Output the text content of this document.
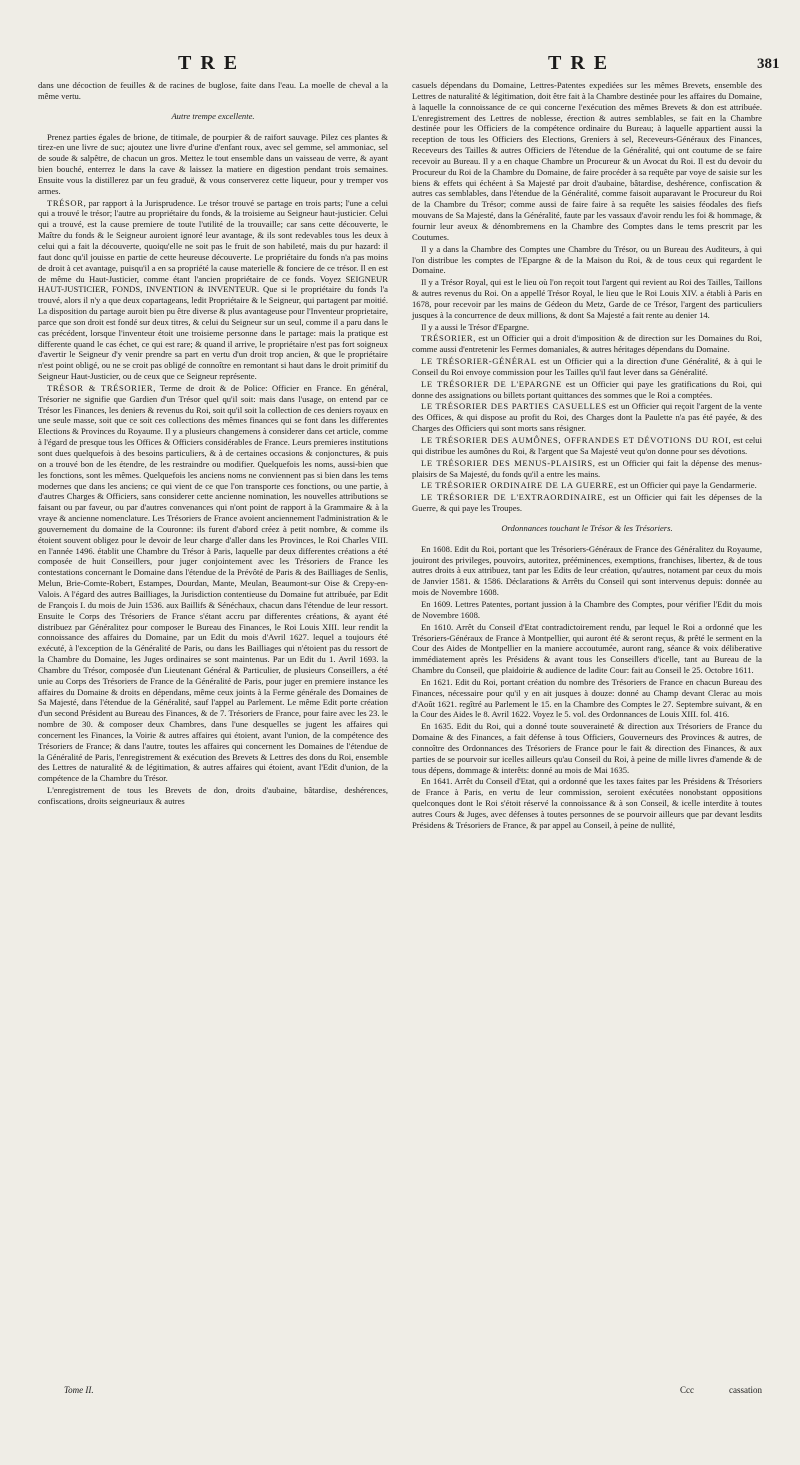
TRE	TRE	381

dans une décoction de feuilles & de racines de buglose, faite dans l'eau. La moelle de cheval a la même vertu.

Autre trempe excellente.

Prenez parties égales de brione, de titimale, de pourpier & de raifort sauvage. Pilez ces plantes & tirez-en une livre de suc; ajoutez une livre d'urine d'enfant roux, avec sel gemme, sel ammoniac, sel de soude & salpêtre, de chacun un gros. Mettez le tout ensemble dans un vaisseau de verre, & ayant bien bouché, enterrez le dans la cave & laissez la matiere en digestion pendant trois semaines. Ensuite vous la distillerez par un feu graduë, & vous conserverez cette liqueur, pour y tremper vos armes.

TRÉSOR, par rapport à la Jurisprudence. Le trésor trouvé se partage en trois parts; l'une a celui qui a trouvé le trésor; l'autre au propriétaire du fonds, & la troisieme au Seigneur haut-justicier. Celui qui a trouvé, est la cause premiere de toute l'utilité de la trouvaille; car sans cette découverte, le Maître du fonds & le Seigneur auroient ignoré leur avantage, & ils sont redevables tous les deux à celui qui a fait la découverte, quoiqu'elle ne soit pas le fruit de son habileté, mais du pur hazard: il faut donc qu'il jouisse en partie de cette heureuse découverte. Le propriétaire du fonds n'a pas moins de droit à cet avantage, puisqu'il a en sa propriété la cause materielle & fonciere de ce trésor. Il en est de même du Haut-Justicier, comme étant l'ancien propriétaire de ce fonds. Voyez SEIGNEUR HAUT-JUSTICIER, FONDS, INVENTION & INVENTEUR. Que si le propriétaire du fonds l'a trouvé, alors il n'y a que deux copartageans, ledit Propriétaire & le Seigneur, qui partagent par moitié. La disposition du partage auroit bien pu être diverse & plus avantageuse pour l'Inventeur proprietaire, parce que son droit est fondé sur deux titres, & celui du Seigneur sur un seul, comme il a paru dans le cas précédent, lorsque l'inventeur étoit une troisieme personne dans le partage: mais la pratique est differente quand le cas échet, ce qui est rare; & quand il arrive, le propriétaire n'est pas fort soigneux d'avertir le Seigneur d'y venir prendre sa part en vertu d'un droit trop ancien, & que le propriétaire n'est point obligé, ou ne se croit pas obligé de connoître en remontant si haut dans le droit primitif du Seigneur Haut-Justicier, ou de ceux que ce Seigneur représente.

TRÉSOR & TRÉSORIER, Terme de droit & de Police: Officier en France. En général, Trésorier ne signifie que Gardien d'un Trésor quel qu'il soit: mais dans l'usage, on entend par ce Trésor les Finances, les deniers & revenus du Roi, soit qu'il soit la collection de ces deniers royaux en une seule masse, soit que ce soit ces collections des mêmes finances qui se font dans les differentes Elections & Provinces du Royaume. Il y a plusieurs changemens à considerer dans cet article, comme à l'égard de presque tous les Offices & Officiers considérables de France. Leurs premieres institutions sont dues quelquefois à des besoins particuliers, & à de certaines occasions & conjonctures, & puis on a trouvé bon de les étendre, de les restraindre ou modifier. Quelquefois les noms, aussi-bien que les fonctions, sont les mêmes. Quelquefois les anciens noms ne conviennent pas si bien dans les tems modernes que dans les anciens; ce qui vient de ce que l'on transporte ces fonctions, ou une partie, à d'autres Charges & Officiers, sans considerer cette ancienne nomination, les nouvelles attributions se faisant ou par faveur, ou par d'autres convenances qui n'ont point de rapport à la Grammaire & à la vraye & ancienne nomenclature. Les Trésoriers de France avoient anciennement l'administration & le gouvernement du domaine de la Couronne: ils furent d'abord créez à petit nombre, & comme ils étoient souvent obligez pour le devoir de leur charge d'aller dans les Provinces, le Roi Charles VIII. en l'année 1496. établit une Chambre du Trésor à Paris, laquelle par deux differentes créations a été composée de huit Conseillers, pour juger conjointement avec les Trésoriers de France les contestations concernant le Domaine dans l'étendue de la Prévôté de Paris & des Bailliages de Senlis, Melun, Brie-Comte-Robert, Estampes, Dourdan, Mante, Meulan, Beaumont-sur Oise & Crepy-en-Valois. A l'égard des autres Bailliages, la Jurisdiction contentieuse du Domaine fut attribuée, par Edit de François I. du mois de Juin 1536. aux Baillifs & Sénéchaux, chacun dans l'étendue de leur ressort. Ensuite le Corps des Trésoriers de France s'étant accru par differentes créations, & ayant été distribuez par Généralitez pour composer le Bureau des Finances, le Roi Louis XIII. leur rendit la connoissance des affaires du Domaine, par un Edit du mois d'Avril 1627. lequel a toujours été exécuté, à l'exception de la Généralité de Paris, ou dans les Bailliages qui n'étoient pas du ressort de la Chambre du Domaine, les Juges ordinaires se sont maintenus. Par un Edit du 1. Avril 1693. la Chambre du Trésor, composée d'un Lieutenant Général & Particulier, de plusieurs Conseillers, a été unie au Corps des Trésoriers de France de la Généralité de Paris, pour juger en premiere instance les affaires du Domaine & droits en dépendans, même ceux joints à la Ferme générale des Domaines de Sa Majesté, dans l'étendue de la Généralité, sauf l'appel au Parlement. Le même Edit porte création d'un second Président au Bureau des Finances, & de 7. Trésoriers de France, pour faire avec les 23. le nombre de 30. & composer deux Chambres, dans l'une desquelles se jugent les affaires qui concernent les Finances, la Voirie & autres affaires qui étoient, avant l'union, de la compétence des Trésoriers de France; & dans l'autre, toutes les affaires qui concernent les Domaines de l'étendue de la Généralité de Paris, l'enregistrement & exécution des Brevets & Lettres des dons du Roi, ensemble des Lettres de naturalité & de légitimation, & autres affaires qui étoient, avant l'Edit d'union, de la compétence de la Chambre du Trésor.

L'enregistrement de tous les Brevets de don, droits d'aubaine, bâtardise, deshérences, confiscations, droits seigneuriaux & autres

casuels dépendans du Domaine, Lettres-Patentes expediées sur les mêmes Brevets, ensemble des Lettres de naturalité & légitimation, doit être fait à la Chambre destinée pour les affaires du Domaine, à laquelle la connoissance de ce qui concerne l'exécution des mêmes Brevets & don est attribuée. L'enregistrement des Lettres de noblesse, érection & autres semblables, se fait en la Chambre destinée pour les Officiers de la compétence ordinaire du Bureau; à laquelle appartient aussi la reception de tous les Officiers des Elections, Greniers à sel, Receveurs-Généraux des Finances, Receveurs des Tailles & autres Officiers de l'étendue de la Généralité, qui ont coutume de se faire recevoir au Bureau. Il y a en chaque Chambre un Procureur & un Avocat du Roi. Il est du devoir du Procureur du Roi de la Chambre du Domaine, de faire procéder à sa requête par voye de saisie sur les biens & effets qui échéent à Sa Majesté par droit d'aubaine, bâtardise, deshérence, confiscation & autres cas semblables, dans l'étendue de la Généralité, comme faisoit auparavant le Procureur du Roi de la Chambre du Trésor; comme aussi de faire faire à sa requête les saisies féodales des fiefs mouvans de Sa Majesté, dans la Généralité, faute par les vassaux d'avoir rendu les foi & hommage, & fournir leur aveux & dénombremens en la Chambre des Comptes dans le tems prescrit par les Coutumes.

Il y a dans la Chambre des Comptes une Chambre du Trésor, ou un Bureau des Auditeurs, à qui l'on distribue les comptes de l'Epargne & de la Maison du Roi, & de tous ceux qui regardent le Domaine.

Il y a Trésor Royal, qui est le lieu où l'on reçoit tout l'argent qui revient au Roi des Tailles, Taillons & autres revenus du Roi. On a appellé Trésor Royal, le lieu que le Roi Louis XIV. a établi à Paris en 1678, pour recevoir par les mains de Gédeon du Metz, Garde de ce Trésor, l'argent des particuliers jusques à la concurrence de deux millions, & dont Sa Majesté a fait rente au denier 14.

Il y a aussi le Trésor d'Epargne.

TRÉSORIER, est un Officier qui a droit d'imposition & de direction sur les Domaines du Roi, comme aussi d'entretenir les Fermes domaniales, & autres héritages dépendans du Domaine.

LE TRÉSORIER-GÉNÉRAL est un Officier qui a la direction d'une Généralité, & à qui le Conseil du Roi envoye commission pour les Tailles qu'il faut lever dans sa Généralité.

LE TRÉSORIER DE L'EPARGNE est un Officier qui paye les gratifications du Roi, qui donne des assignations ou billets portant quittances des sommes que le Roi a comptées.

LE TRÉSORIER DES PARTIES CASUELLES est un Officier qui reçoit l'argent de la vente des Offices, & qui dispose au profit du Roi, des Charges dont la Paulette n'a pas été payée, & des Charges des Officiers qui sont morts sans résigner.

LE TRÉSORIER DES AUMÔNES, OFFRANDES ET DÉVOTIONS DU ROI, est celui qui distribue les aumônes du Roi, & l'argent que Sa Majesté veut qu'on donne pour ses dévotions.

LE TRÉSORIER DES MENUS-PLAISIRS, est un Officier qui fait la dépense des menus-plaisirs de Sa Majesté, du fonds qu'il a entre les mains.

LE TRÉSORIER ORDINAIRE DE LA GUERRE, est un Officier qui paye la Gendarmerie.

LE TRÉSORIER DE L'EXTRAORDINAIRE, est un Officier qui fait les dépenses de la Guerre, & qui paye les Troupes.

Ordonnances touchant le Trésor & les Trésoriers.

En 1608. Edit du Roi, portant que les Trésoriers-Généraux de France des Généralitez du Royaume, jouiront des privileges, pouvoirs, autoritez, prééminences, exemptions, franchises, libertez, & de tous autres droits à eux attribuez, tant par les Edits de leur création, qu'autres, notament par ceux du mois de Janvier 1581. & 1586. Déclarations & Arrêts du Conseil qui sont intervenus depuis: donnée au mois de Novembre 1608.

En 1609. Lettres Patentes, portant jussion à la Chambre des Comptes, pour vérifier l'Edit du mois de Novembre 1608.

En 1610. Arrêt du Conseil d'Etat contradictoirement rendu, par lequel le Roi a ordonné que les Trésoriers-Généraux de France à Montpellier, qui auront été & seront reçus, & prêté le serment en la Cour des Aides de Montpellier en la maniere accoutumée, auront rang, séance & voix déliberative immédiatement après les Présidens & avant tous les Conseillers d'icelle, tant au Bureau de la Chambre du Conseil, que plaidoirie & audience de ladite Cour: fait au Conseil le 25. Octobre 1611.

En 1621. Edit du Roi, portant création du nombre des Trésoriers de France en chacun Bureau des Finances, nécessaire pour qu'il y en ait jusques à douze: donné au Champ devant Clerac au mois d'Août 1621. regîtré au Parlement le 15. en la Chambre des Comptes le 27. Septembre suivant, & en la Cour des Aides le 8. Avril 1622. Voyez le 5. vol. des Ordonnances de Louis XIII. fol. 416.

En 1635. Edit du Roi, qui a donné toute souveraineté & direction aux Trésoriers de France du Domaine & des Finances, a fait défense à tous Officiers, Gouverneurs des Provinces & autres, de connoître des Ordonnances des Trésoriers de France pour le fait & direction des Finances, & aux parties de se pourvoir sur icelles ailleurs qu'au Conseil du Roi, à peine de mille livres d'amende & de tous dépens, dommage & interêts: donné au mois de Mai 1635.

En 1641. Arrêt du Conseil d'Etat, qui a ordonné que les taxes faites par les Présidens & Trésoriers de France à Paris, en vertu de leur commission, seroient exécutées nonobstant oppositions quelconques dont le Roi s'étoit réservé la connoissance & à son Conseil, & icelle interdite à toutes autres Cours & Juges, avec défenses à toutes personnes de se pourvoir ailleurs que par devant lesdits Présidens & Trésoriers de France, & par appel au Conseil, à peine de nullité,

Tome II.	Ccc	cassation
